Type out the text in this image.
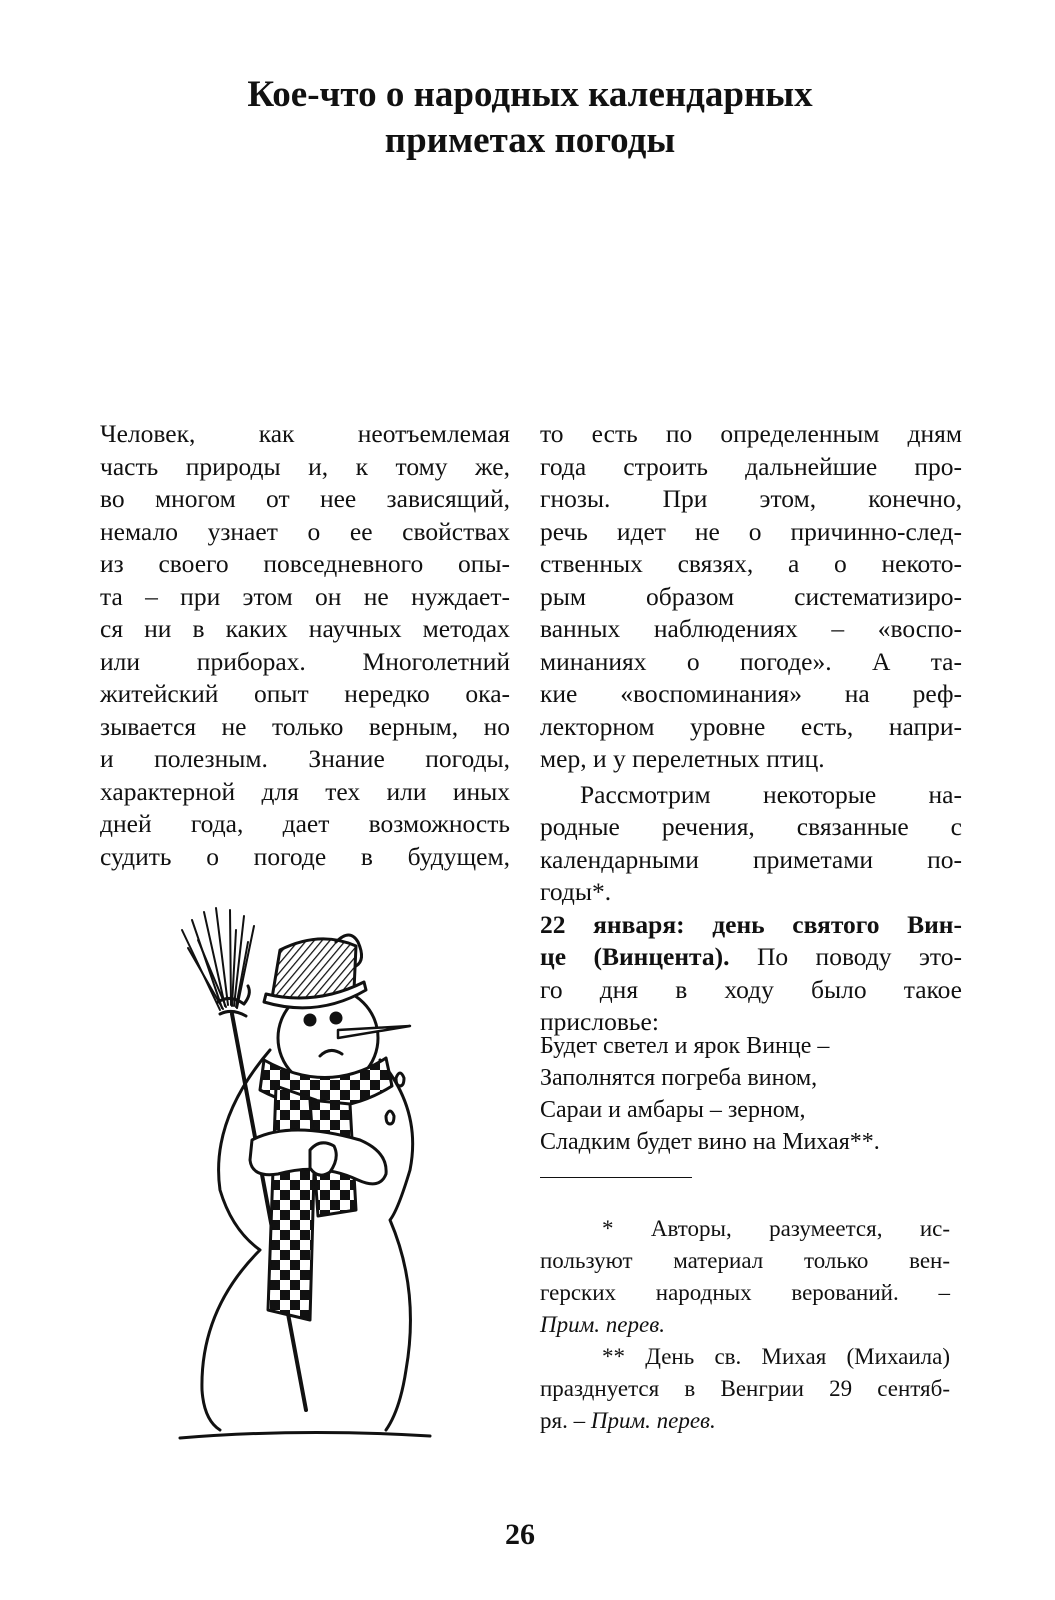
Кое-что о народных календарных
приметах погоды
Человек, как неотъемлемая
часть природы и, к тому же,
во многом от нее зависящий,
немало узнает о ее свойствах
из своего повседневного опы-
та – при этом он не нуждает-
ся ни в каких научных методах
или приборах. Многолетний
житейский опыт нередко ока-
зывается не только верным, но
и полезным. Знание погоды,
характерной для тех или иных
дней года, дает возможность
судить о погоде в будущем,
то есть по определенным дням
года строить дальнейшие про-
гнозы. При этом, конечно,
речь идет не о причинно-след-
ственных связях, а о некото-
рым образом систематизиро-
ванных наблюдениях – «воспо-
минаниях о погоде». А та-
кие «воспоминания» на реф-
лекторном уровне есть, напри-
мер, и у перелетных птиц.
Рассмотрим некоторые на-
родные речения, связанные с
календарными приметами по-
годы*.
22 января: день святого Вин-
це (Винцента). По поводу это-
го дня в ходу было такое
присловье:
Будет светел и ярок Винце –
Заполнятся погреба вином,
Сараи и амбары – зерном,
Сладким будет вино на Михая**.
* Авторы, разумеется, ис-
пользуют материал только вен-
герских народных верований. –
Прим. перев.
** День св. Михая (Михаила)
празднуется в Венгрии 29 сентяб-
ря. – Прим. перев.
26
